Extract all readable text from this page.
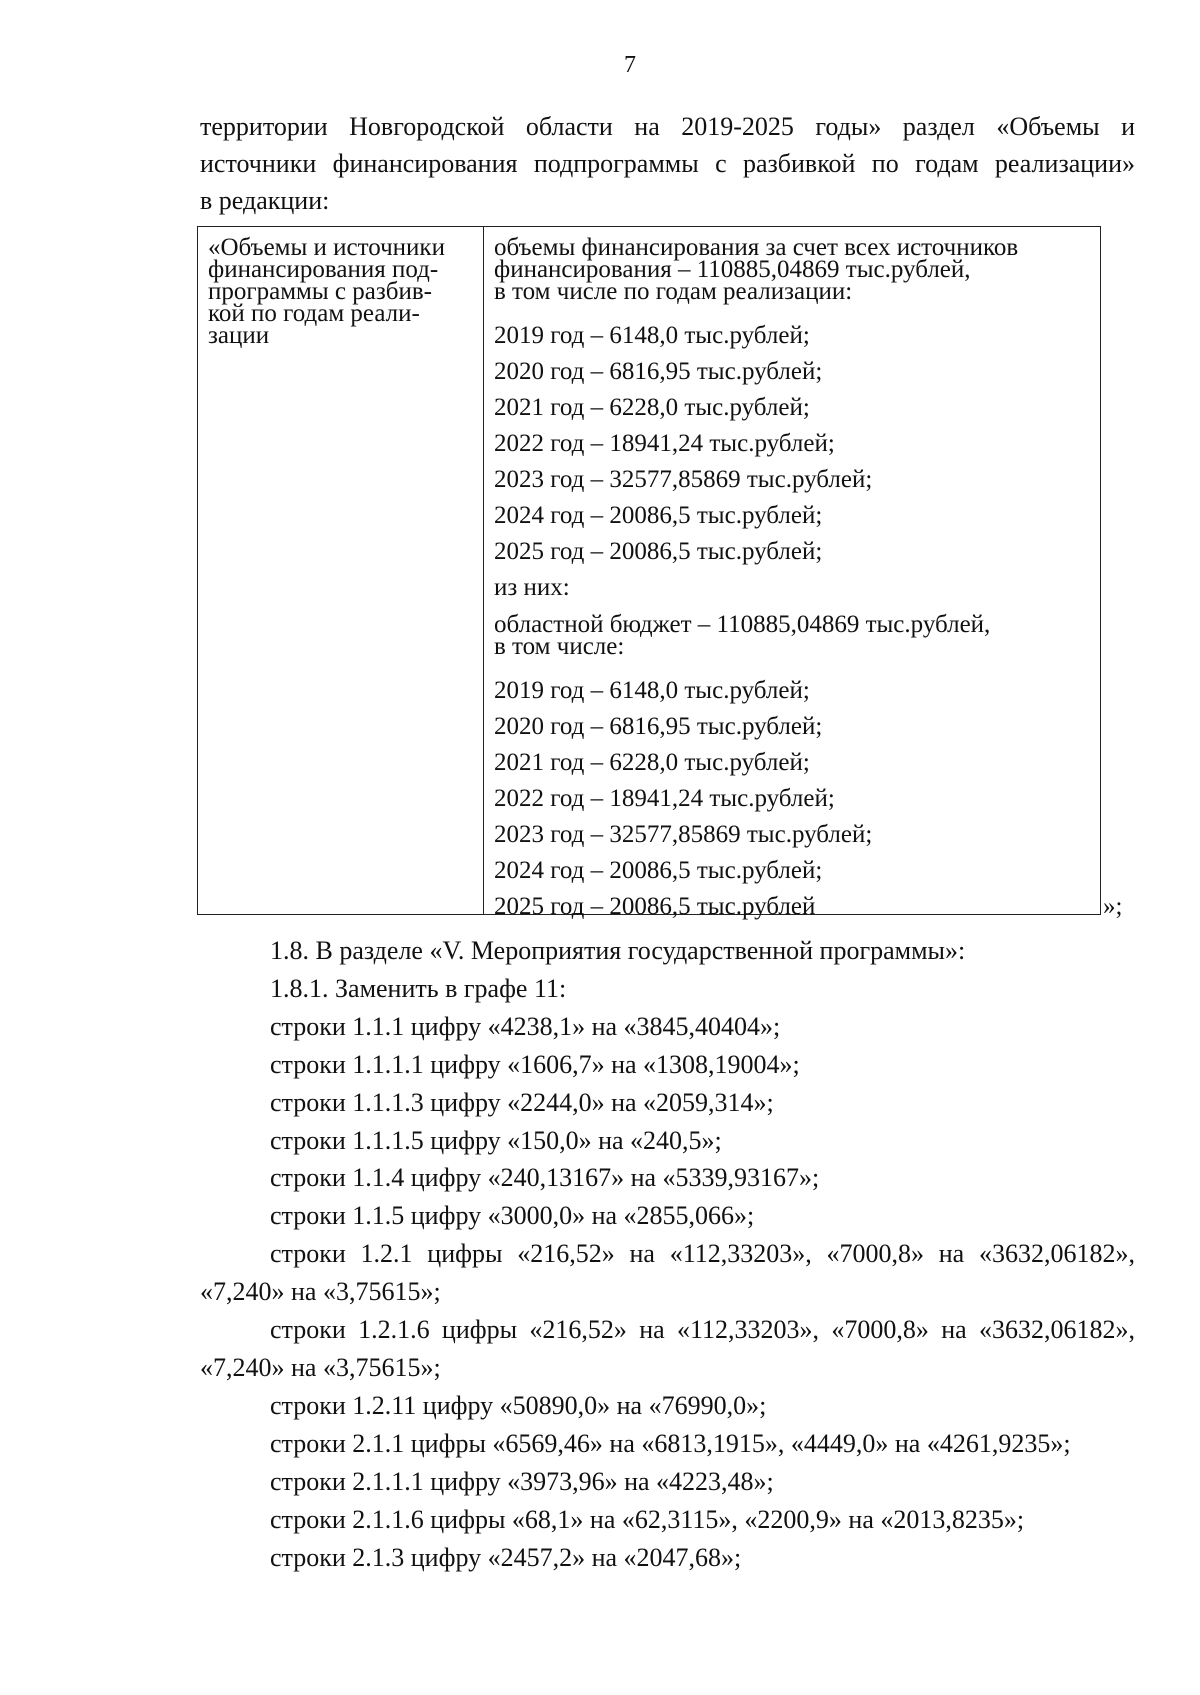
7
территории Новгородской области на 2019-2025 годы» раздел «Объемы и
источники финансирования подпрограммы с разбивкой по годам реализации»
в редакции:
«Объемы и источники
финансирования под-
программы с разбив-
кой по годам реали-
зации
объемы финансирования за счет всех источников
финансирования – 110885,04869 тыс.рублей,
в том числе по годам реализации:
2019 год – 6148,0 тыс.рублей;
2020 год – 6816,95 тыс.рублей;
2021 год – 6228,0 тыс.рублей;
2022 год – 18941,24 тыс.рублей;
2023 год – 32577,85869 тыс.рублей;
2024 год – 20086,5 тыс.рублей;
2025 год – 20086,5 тыс.рублей;
из них:
областной бюджет – 110885,04869 тыс.рублей,
в том числе:
2019 год – 6148,0 тыс.рублей;
2020 год – 6816,95 тыс.рублей;
2021 год – 6228,0 тыс.рублей;
2022 год – 18941,24 тыс.рублей;
2023 год – 32577,85869 тыс.рублей;
2024 год – 20086,5 тыс.рублей;
2025 год – 20086,5 тыс.рублей	»;
1.8. В разделе «V. Мероприятия государственной программы»:
1.8.1. Заменить в графе 11:
строки 1.1.1 цифру «4238,1» на «3845,40404»;
строки 1.1.1.1 цифру «1606,7» на «1308,19004»;
строки 1.1.1.3 цифру «2244,0» на «2059,314»;
строки 1.1.1.5 цифру «150,0» на «240,5»;
строки 1.1.4 цифру «240,13167» на «5339,93167»;
строки 1.1.5 цифру «3000,0» на «2855,066»;
строки 1.2.1 цифры «216,52» на «112,33203», «7000,8» на «3632,06182»,
«7,240» на «3,75615»;
строки 1.2.1.6 цифры «216,52» на «112,33203», «7000,8» на «3632,06182»,
«7,240» на «3,75615»;
строки 1.2.11 цифру «50890,0» на «76990,0»;
строки 2.1.1 цифры «6569,46» на «6813,1915», «4449,0» на «4261,9235»;
строки 2.1.1.1 цифру «3973,96» на «4223,48»;
строки 2.1.1.6 цифры «68,1» на «62,3115», «2200,9» на «2013,8235»;
строки 2.1.3 цифру «2457,2» на «2047,68»;
